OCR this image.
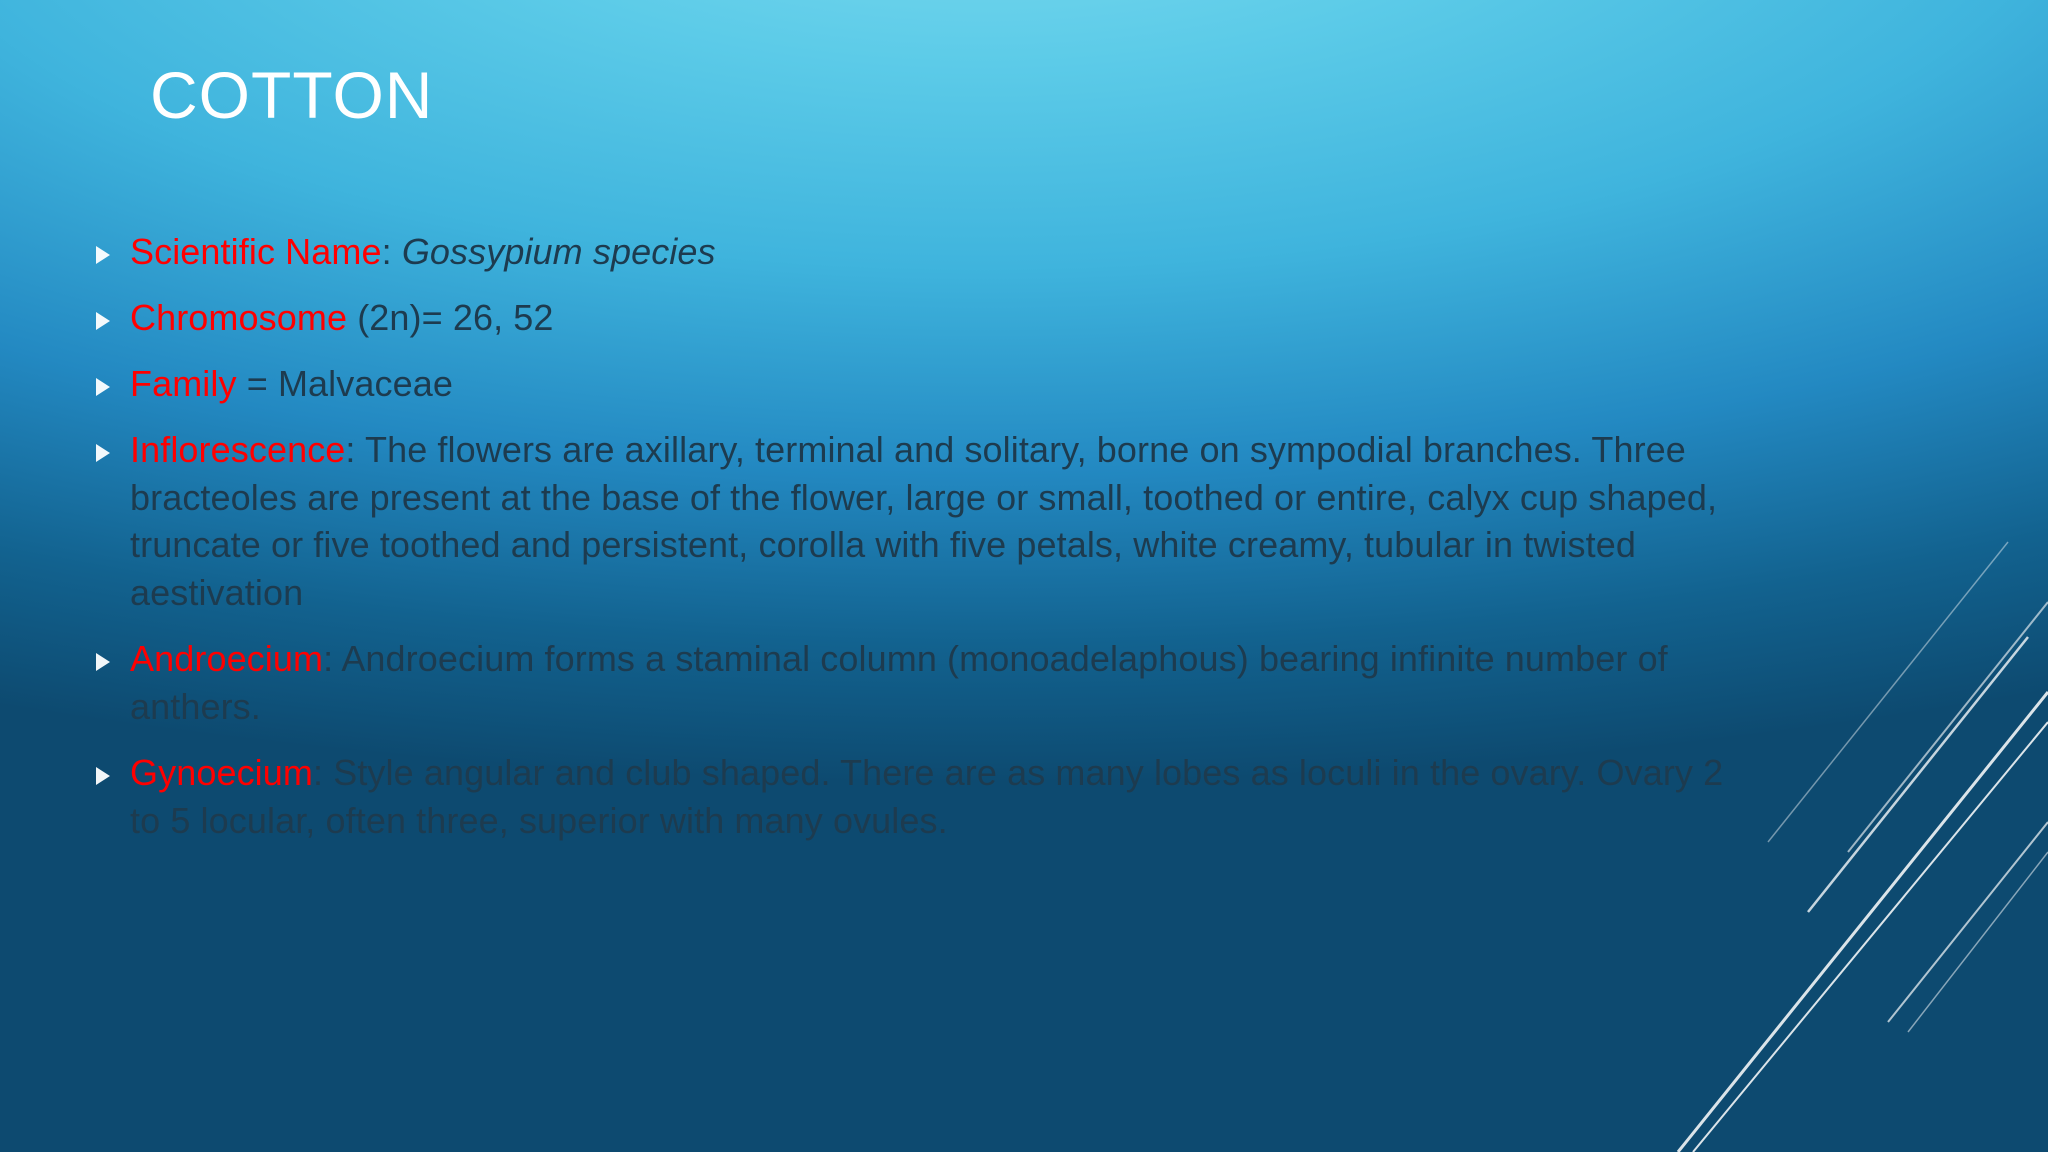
COTTON
Scientific Name: Gossypium species
Chromosome (2n)= 26, 52
Family = Malvaceae
Inflorescence: The flowers are axillary, terminal and solitary, borne on sympodial branches. Three bracteoles are present at the base of the flower, large or small, toothed or entire, calyx cup shaped, truncate or five toothed and persistent, corolla with five petals, white creamy, tubular in twisted aestivation
Androecium: Androecium forms a staminal column (monoadelaphous) bearing infinite number of anthers.
Gynoecium: Style angular and club shaped. There are as many lobes as loculi in the ovary. Ovary 2 to 5 locular, often three, superior with many ovules.
